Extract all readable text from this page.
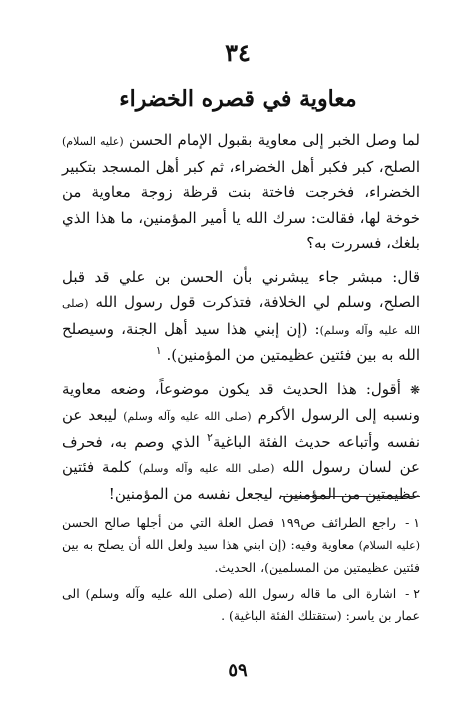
٣٤
معاوية في قصره الخضراء

لما وصل الخبر إلى معاوية بقبول الإمام الحسن (عليه السلام) الصلح، كبر فكبر أهل الخضراء، ثم كبر أهل المسجد بتكبير الخضراء، فخرجت فاختة بنت قرظة زوجة معاوية من خوخة لها، فقالت: سرك الله يا أمير المؤمنين، ما هذا الذي بلغك، فسررت به؟

قال: مبشر جاء يبشرني بأن الحسن بن علي قد قبل الصلح، وسلم لي الخلافة، فتذكرت قول رسول الله (صلى الله عليه وآله وسلم): (إن إبني هذا سيد أهل الجنة، وسيصلح الله به بين فئتين عظيمتين من المؤمنين). $^١$

❋ أقول: هذا الحديث قد يكون موضوعاً، وضعه معاوية ونسبه إلى الرسول الأكرم (صلى الله عليه وآله وسلم) ليبعد عن نفسه وأتباعه حديث الفئة الباغية$^٢$ الذي وصم به، فحرف عن لسان رسول الله (صلى الله عليه وآله وسلم) كلمة فئتين عظيمتين من المؤمنين، ليجعل نفسه من المؤمنين!

١ - راجع الطرائف ص١٩٩ فصل العلة التي من أجلها صالح الحسن (عليه السلام) معاوية وفيه: (إن ابني هذا سيد ولعل الله أن يصلح به بين فئتين عظيمتين من المسلمين)، الحديث.

٢ - اشارة الى ما قاله رسول الله (صلى الله عليه وآله وسلم) الى عمار بن ياسر: (ستقتلك الفئة الباغية) .

٥٩
